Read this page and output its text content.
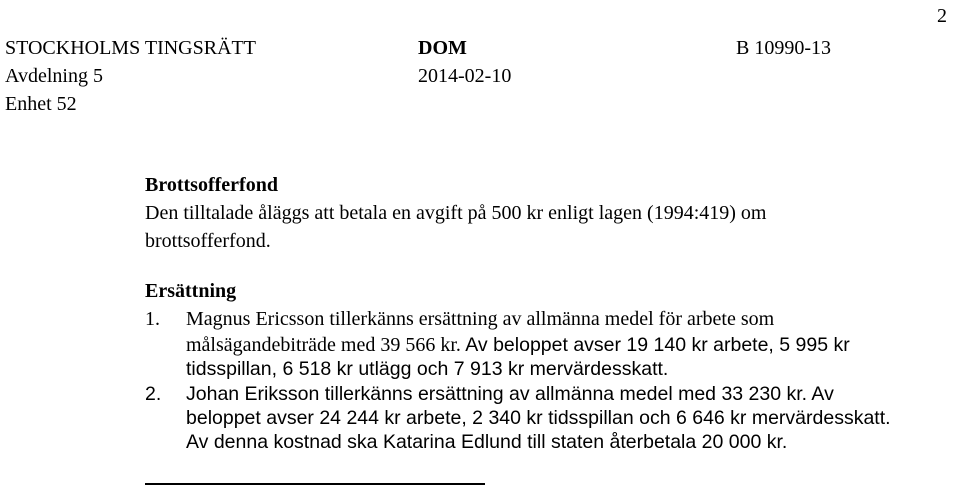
2
STOCKHOLMS TINGSRÄTT
Avdelning 5
Enhet 52
DOM
2014-02-10
B 10990-13
Brottsofferfond
Den tilltalade åläggs att betala en avgift på 500 kr enligt lagen (1994:419) om
brottsofferfond.
Ersättning
1. Magnus Ericsson tillerkänns ersättning av allmänna medel för arbete som
målsägandebiträde med 39 566 kr. Av beloppet avser 19 140 kr arbete, 5 995 kr
tidsspillan, 6 518 kr utlägg och 7 913 kr mervärdesskatt.
2. Johan Eriksson tillerkänns ersättning av allmänna medel med 33 230 kr. Av
beloppet avser 24 244 kr arbete, 2 340 kr tidsspillan och 6 646 kr mervärdesskatt.
Av denna kostnad ska Katarina Edlund till staten återbetala 20 000 kr.
